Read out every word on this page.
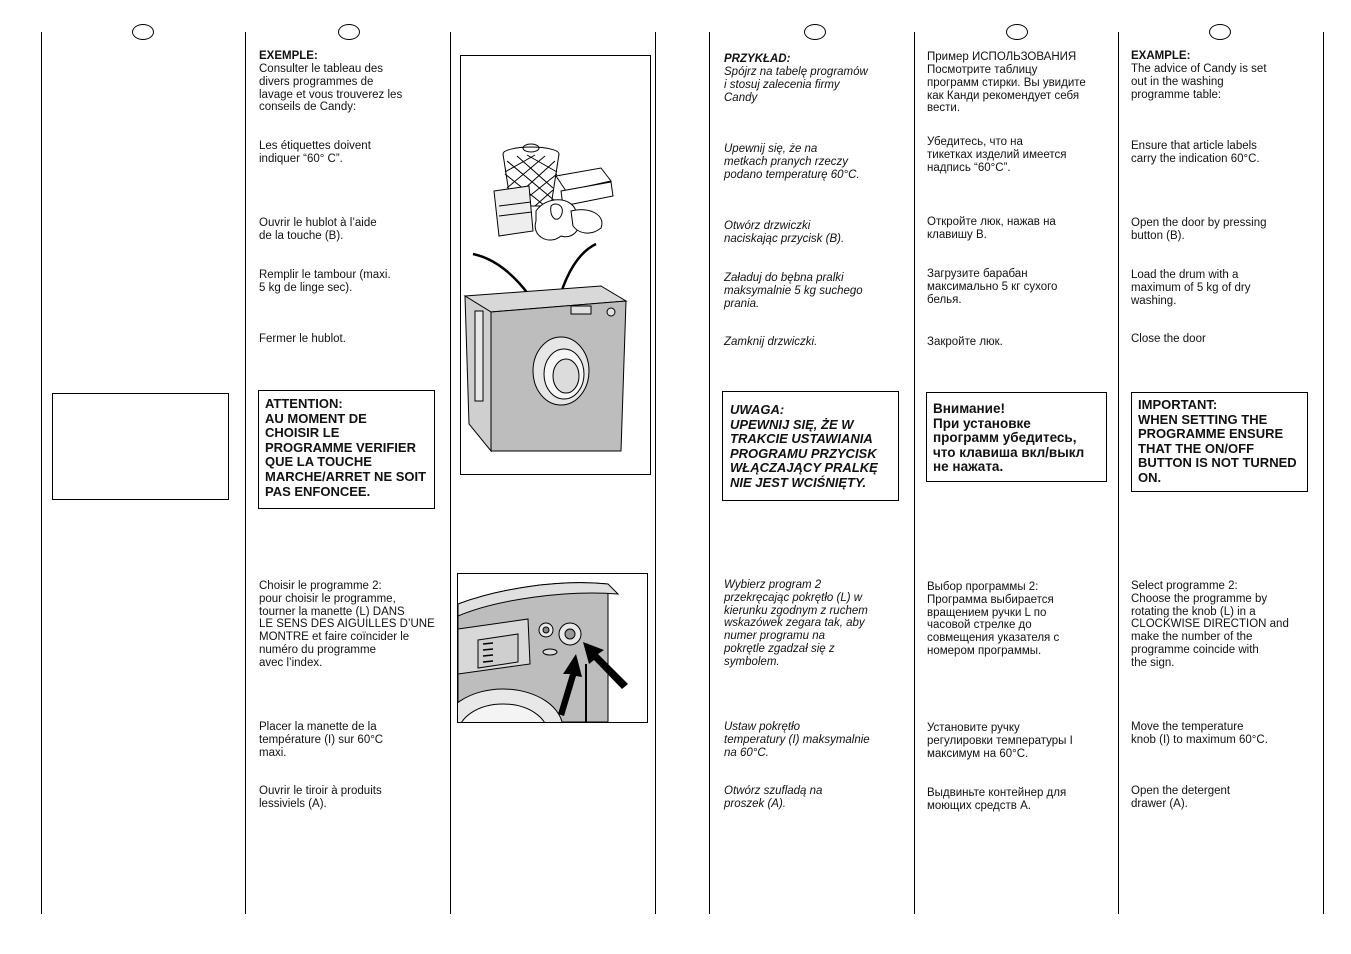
EXEMPLE:
Consulter le tableau des
divers programmes de
lavage et vous trouverez les
conseils de Candy:
Les étiquettes doivent
indiquer “60° C”.
Ouvrir le hublot à l’aide
de la touche (B).
Remplir le tambour (maxi.
5 kg de linge sec).
Fermer le hublot.
ATTENTION:
AU MOMENT DE
CHOISIR LE
PROGRAMME VERIFIER
QUE LA TOUCHE
MARCHE/ARRET NE SOIT
PAS ENFONCEE.
Choisir le programme 2:
pour choisir le programme,
tourner la manette (L) DANS
LE SENS DES AIGUILLES D’UNE
MONTRE et faire coïncider le
numéro du programme
avec l’index.
Placer la manette de la
température (I) sur 60°C
maxi.
Ouvrir le tiroir à produits
lessiviels (A).
PRZYKŁAD:
Spójrz na tabelę programów
i stosuj zalecenia firmy
Candy
Upewnij się, że na
metkach pranych rzeczy
podano temperaturę 60°C.
Otwórz drzwiczki
naciskając przycisk (B).
Załaduj do bębna pralki
maksymalnie 5 kg suchego
prania.
Zamknij drzwiczki.
UWAGA:
UPEWNIJ SIĘ, ŻE W
TRAKCIE USTAWIANIA
PROGRAMU PRZYCISK
WŁĄCZAJĄCY PRALKĘ
NIE JEST WCIŚNIĘTY.
Wybierz program 2
przekręcając pokrętło (L) w
kierunku zgodnym z ruchem
wskazówek zegara tak, aby
numer programu na
pokrętle zgadzał się z
symbolem.
Ustaw pokrętło
temperatury (I) maksymalnie
na 60°C.
Otwórz szufladą na
proszek (A).
Пример ИСПОЛЬЗОВАНИЯ
Посмотрите таблицу
программ стирки. Вы увидите
как Канди рекомендует себя
вести.
Убедитесь, что на
тикетках изделий имеется
надпись “60°C”.
Откройте люк, нажав на
клавишу В.
Загрузите барабан
максимально 5 кг сухого
белья.
Закройте люк.
Внимание!
При установке
программ убедитесь,
что клавиша вкл/выкл
не нажата.
Выбор программы 2:
Программа выбирается
вращением ручки L по
часовой стрелке до
совмещения указателя с
номером программы.
Установите ручку
регулировки температуры I
максимум на 60°C.
Выдвиньте контейнер для
моющих средств А.
EXAMPLE:
The advice of Candy is set
out in the washing
programme table:
Ensure that article labels
carry the indication 60°C.
Open the door by pressing
button (B).
Load the drum with a
maximum of 5 kg of dry
washing.
Close the door
IMPORTANT:
WHEN SETTING THE
PROGRAMME ENSURE
THAT THE ON/OFF
BUTTON IS NOT TURNED
ON.
Select programme 2:
Choose the programme by
rotating the knob (L) in a
CLOCKWISE DIRECTION and
make the number of the
programme coincide with
the sign.
Move the temperature
knob (I) to maximum 60°C.
Open the detergent
drawer (A).
